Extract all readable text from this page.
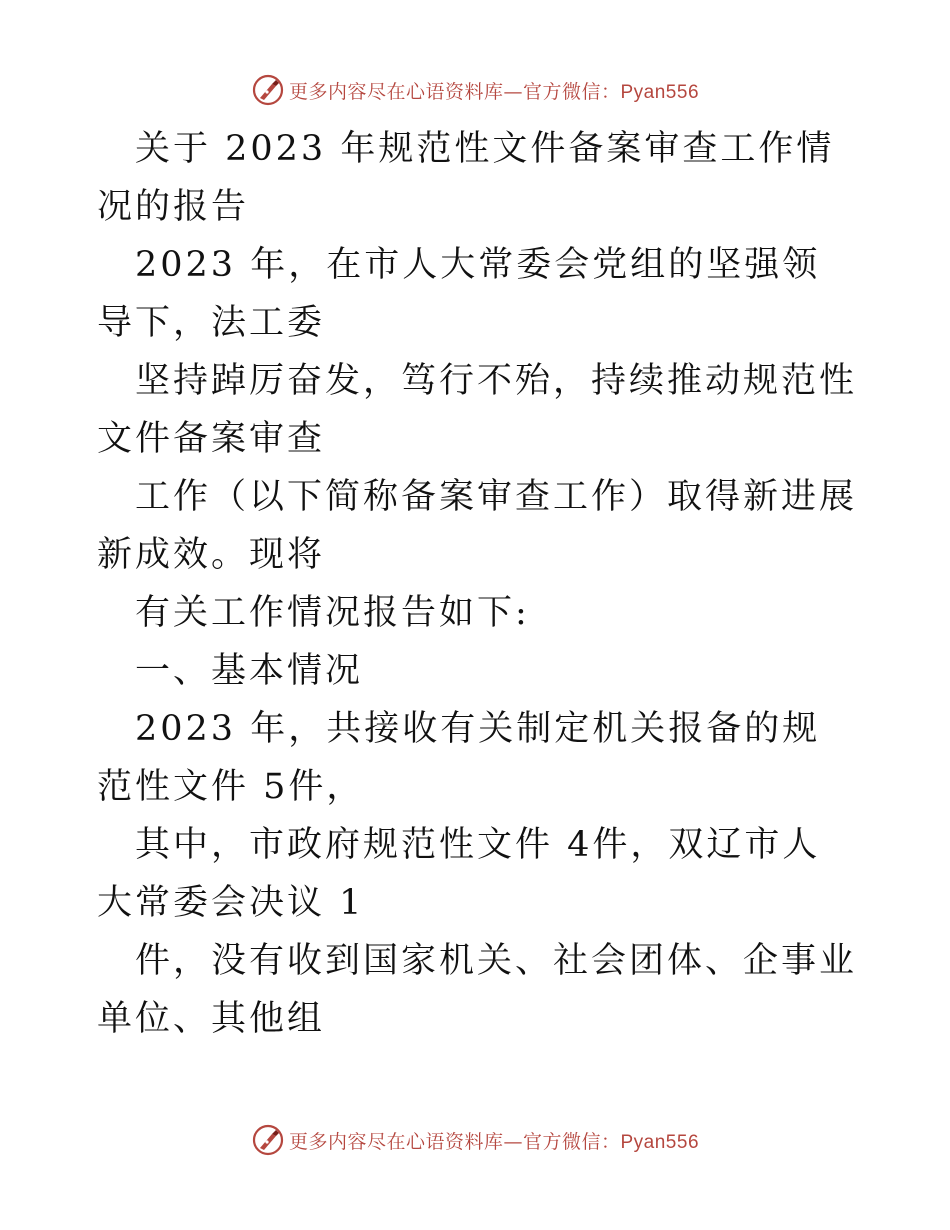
更多内容尽在心语资料库—官方微信：Pyan556

关于 2023 年规范性文件备案审查工作情况的报告

2023 年，在市人大常委会党组的坚强领导下，法工委

坚持踔厉奋发，笃行不殆，持续推动规范性文件备案审查

工作（以下简称备案审查工作）取得新进展新成效。现将

有关工作情况报告如下:

一、基本情况

2023 年，共接收有关制定机关报备的规范性文件 5件，

其中，市政府规范性文件 4件，双辽市人大常委会决议 1

件，没有收到国家机关、社会团体、企事业单位、其他组

更多内容尽在心语资料库—官方微信：Pyan556
